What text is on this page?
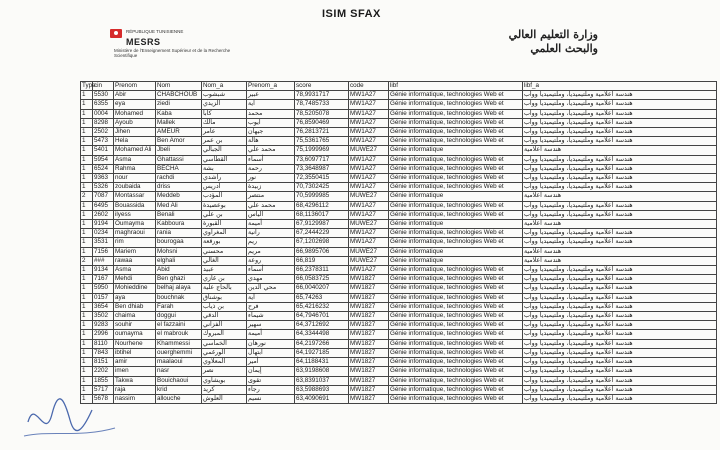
ISIM SFAX
RÉPUBLIQUE TUNISIENNE
MESRS
Ministère de l'Enseignement Supérieur et de la Recherche Scientifique
وزارة التعليم العالي
والبحث العلمي
Type	cin	Prenom	Nom	Nom_a	Prenom_a	score	code	libf	libf_a
1	5530	Abir	CHABCHOUB	شبشوب	عبير	78,9931717	MW1A27	Génie informatique, technologies Web et	هندسة اعلامية وملتيميديا، وملتيميديا وواب
1	6355	eya	ziedi	الزيدي	اية	78,7485733	MW1A27	Génie informatique, technologies Web et	هندسة اعلامية وملتيميديا، وملتيميديا وواب
1	0004	Mohamed	Kaba	كابا	محمد	78,5205078	MW1A27	Génie informatique, technologies Web et	هندسة اعلامية وملتيميديا، وملتيميديا وواب
1	8298	Ayoub	Mallek	مالك	ايوب	76,8590469	MW1A27	Génie informatique, technologies Web et	هندسة اعلامية وملتيميديا، وملتيميديا وواب
1	2502	Jihen	AMEUR	عامر	جيهان	76,2813721	MW1A27	Génie informatique, technologies Web et	هندسة اعلامية وملتيميديا، وملتيميديا وواب
1	5473	Hela	Ben Amor	بن عمر	هالة	75,5361765	MW1A27	Génie informatique, technologies Web et	هندسة اعلامية وملتيميديا، وملتيميديا وواب
1	5401	Mohamed Ali	Jbeli	الجبالي	محمد علي	75,1999969	MUWE27	Génie informatique	هندسة اعلامية
1	5954	Asma	Ghattassi	القطاسي	أسماء	73,6097717	MW1A27	Génie informatique, technologies Web et	هندسة اعلامية وملتيميديا، وملتيميديا وواب
1	6524	Rahma	BECHA	بشة	رحمة	73,3648987	MW1A27	Génie informatique, technologies Web et	هندسة اعلامية وملتيميديا، وملتيميديا وواب
1	9363	nour	rachdi	راشدي	نور	72,3550415	MW1A27	Génie informatique, technologies Web et	هندسة اعلامية وملتيميديا، وملتيميديا وواب
1	5326	zoubaida	driss	ادريس	زبيدة	70,7302425	MW1A27	Génie informatique, technologies Web et	هندسة اعلامية وملتيميديا، وملتيميديا وواب
2	7087	Montassar	Meddeb	المؤدب	منتصر	70,5999985	MUWE27	Génie informatique	هندسة اعلامية
1	6495	Bouassida	Med Ali	بوعصيدة	محمد علي	68,4296112	MW1A27	Génie informatique, technologies Web et	هندسة اعلامية وملتيميديا، وملتيميديا وواب
1	2602	ilyess	Benali	بن علي	الياس	68,1136017	MW1A27	Génie informatique, technologies Web et	هندسة اعلامية وملتيميديا، وملتيميديا وواب
1	9194	Oumayma	Kabboura	القبورة	أميمة	67,9129987	MUWE27	Génie informatique	هندسة اعلامية
1	0234	maghraoui	rania	المغراوي	رانية	67,2444229	MW1A27	Génie informatique, technologies Web et	هندسة اعلامية وملتيميديا، وملتيميديا وواب
1	3531	rim	bourogaa	بورقعة	ريم	67,1202698	MW1A27	Génie informatique, technologies Web et	هندسة اعلامية وملتيميديا، وملتيميديا وواب
1	7156	Mariem	Mohsni	محسني	مريم	66,9895706	MUWE27	Génie informatique	هندسة اعلامية
2	###	rawaa	elghali	الغالي	روعة	66,819	MUWE27	Génie informatique	هندسة اعلامية
1	9134	Asma	Abid	عبيد	أسماء	66,2378311	MW1A27	Génie informatique, technologies Web et	هندسة اعلامية وملتيميديا، وملتيميديا وواب
1	7167	Mehdi	Ben ghazi	بن غازي	مهدي	66,0583725	MW1827	Génie informatique, technologies Web et	هندسة اعلامية وملتيميديا، وملتيميديا وواب
1	5950	Mohieddine	belhaj alaya	بالحاج علية	محي الدين	66,0040207	MW1827	Génie informatique, technologies Web et	هندسة اعلامية وملتيميديا، وملتيميديا وواب
1	0157	aya	bouchnak	بوشناق	آية	65,74263	MW1827	Génie informatique, technologies Web et	هندسة اعلامية وملتيميديا، وملتيميديا وواب
1	3654	Ben dhiab	Farah	بن ذياب	فرح	65,4216232	MW1827	Génie informatique, technologies Web et	هندسة اعلامية وملتيميديا، وملتيميديا وواب
1	3502	chaima	doggui	الدقي	شيماء	64,7946701	MW1827	Génie informatique, technologies Web et	هندسة اعلامية وملتيميديا، وملتيميديا وواب
1	9283	souhir	el fazzaini	الفزاني	سهير	64,3712692	MW1827	Génie informatique, technologies Web et	هندسة اعلامية وملتيميديا، وملتيميديا وواب
1	2996	oumayma	el mabrouk	المبروك	أميمة	64,3344498	MW1827	Génie informatique, technologies Web et	هندسة اعلامية وملتيميديا، وملتيميديا وواب
1	8110	Nourhene	Khammessi	الخماسي	نورهان	64,2197266	MW1827	Génie informatique, technologies Web et	هندسة اعلامية وملتيميديا، وملتيميديا وواب
1	7843	ibtihel	ouerghemmi	الورغمي	ابتهال	64,1927185	MW1827	Génie informatique, technologies Web et	هندسة اعلامية وملتيميديا، وملتيميديا وواب
1	8151	amir	maalaoui	المعلاوي	أمير	64,1188431	MW1827	Génie informatique, technologies Web et	هندسة اعلامية وملتيميديا، وملتيميديا وواب
1	2202	imen	nasr	نصر	إيمان	63,9198608	MW1827	Génie informatique, technologies Web et	هندسة اعلامية وملتيميديا، وملتيميديا وواب
1	1855	Takwa	Bouichaoui	بويشاوي	تقوى	63,8391037	MW1827	Génie informatique, technologies Web et	هندسة اعلامية وملتيميديا، وملتيميديا وواب
1	5717	raja	krid	كريد	رجاء	63,5988693	MW1827	Génie informatique, technologies Web et	هندسة اعلامية وملتيميديا، وملتيميديا وواب
1	5678	nassim	allouche	العلوش	نسيم	63,4090691	MW1827	Génie informatique, technologies Web et	هندسة اعلامية وملتيميديا، وملتيميديا وواب
